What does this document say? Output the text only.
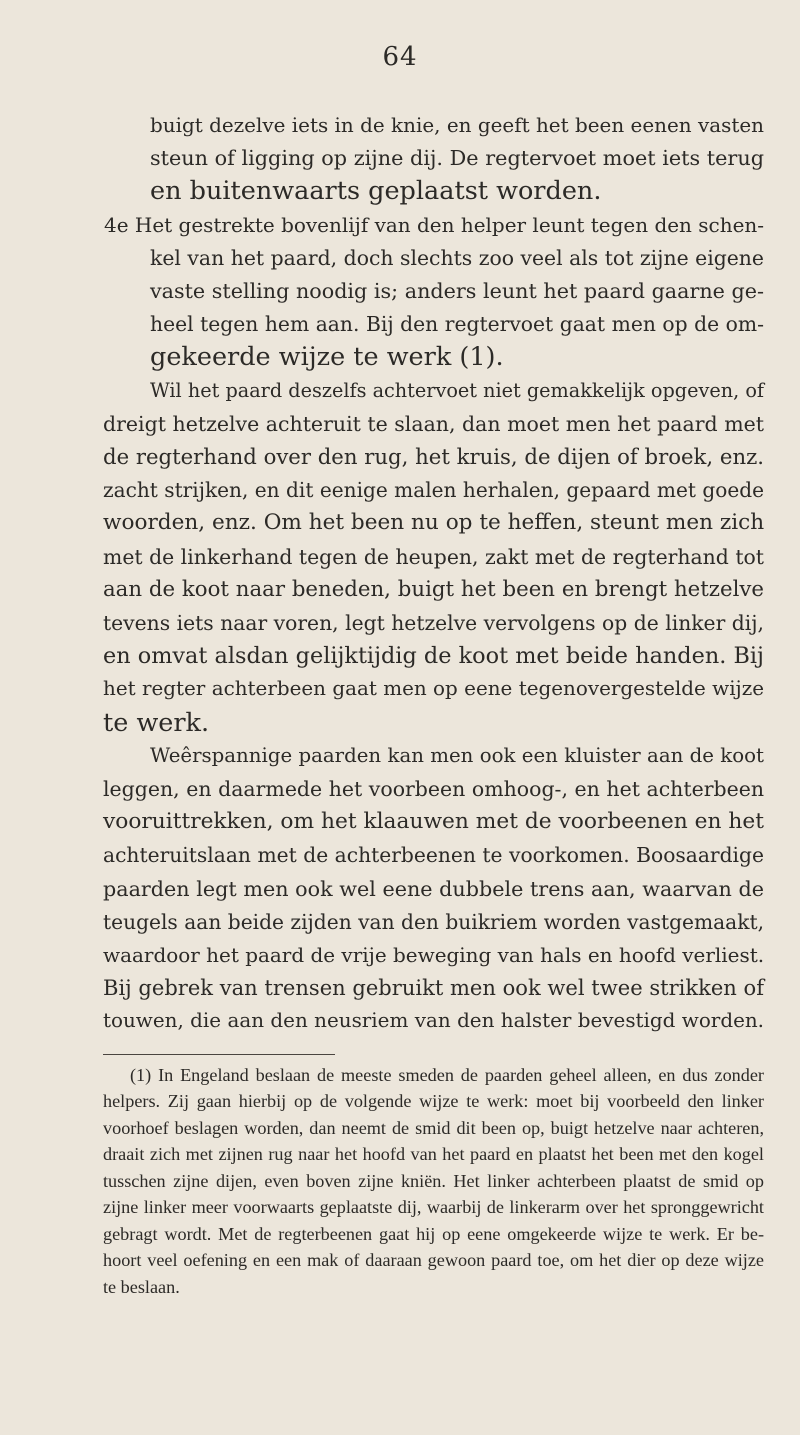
64
buigt dezelve iets in de knie, en geeft het been eenen vasten
steun of ligging op zijne dij. De regtervoet moet iets terug
en buitenwaarts geplaatst worden.
4e Het gestrekte bovenlijf van den helper leunt tegen den schen-
kel van het paard, doch slechts zoo veel als tot zijne eigene
vaste stelling noodig is; anders leunt het paard gaarne ge-
heel tegen hem aan. Bij den regtervoet gaat men op de om-
gekeerde wijze te werk (1).
Wil het paard deszelfs achtervoet niet gemakkelijk opgeven, of
dreigt hetzelve achteruit te slaan, dan moet men het paard met
de regterhand over den rug, het kruis, de dijen of broek, enz.
zacht strijken, en dit eenige malen herhalen, gepaard met goede
woorden, enz. Om het been nu op te heffen, steunt men zich
met de linkerhand tegen de heupen, zakt met de regterhand tot
aan de koot naar beneden, buigt het been en brengt hetzelve
tevens iets naar voren, legt hetzelve vervolgens op de linker dij,
en omvat alsdan gelijktijdig de koot met beide handen. Bij
het regter achterbeen gaat men op eene tegenovergestelde wijze
te werk.
Weêrspannige paarden kan men ook een kluister aan de koot
leggen, en daarmede het voorbeen omhoog-, en het achterbeen
vooruittrekken, om het klaauwen met de voorbeenen en het
achteruitslaan met de achterbeenen te voorkomen. Boosaardige
paarden legt men ook wel eene dubbele trens aan, waarvan de
teugels aan beide zijden van den buikriem worden vastgemaakt,
waardoor het paard de vrije beweging van hals en hoofd verliest.
Bij gebrek van trensen gebruikt men ook wel twee strikken of
touwen, die aan den neusriem van den halster bevestigd worden.
(1) In Engeland beslaan de meeste smeden de paarden geheel alleen, en dus zonder
helpers. Zij gaan hierbij op de volgende wijze te werk: moet bij voorbeeld den linker
voorhoef beslagen worden, dan neemt de smid dit been op, buigt hetzelve naar achteren,
draait zich met zijnen rug naar het hoofd van het paard en plaatst het been met den kogel
tusschen zijne dijen, even boven zijne kniën. Het linker achterbeen plaatst de smid op
zijne linker meer voorwaarts geplaatste dij, waarbij de linkerarm over het spronggewricht
gebragt wordt. Met de regterbeenen gaat hij op eene omgekeerde wijze te werk. Er be-
hoort veel oefening en een mak of daaraan gewoon paard toe, om het dier op deze wijze
te beslaan.
